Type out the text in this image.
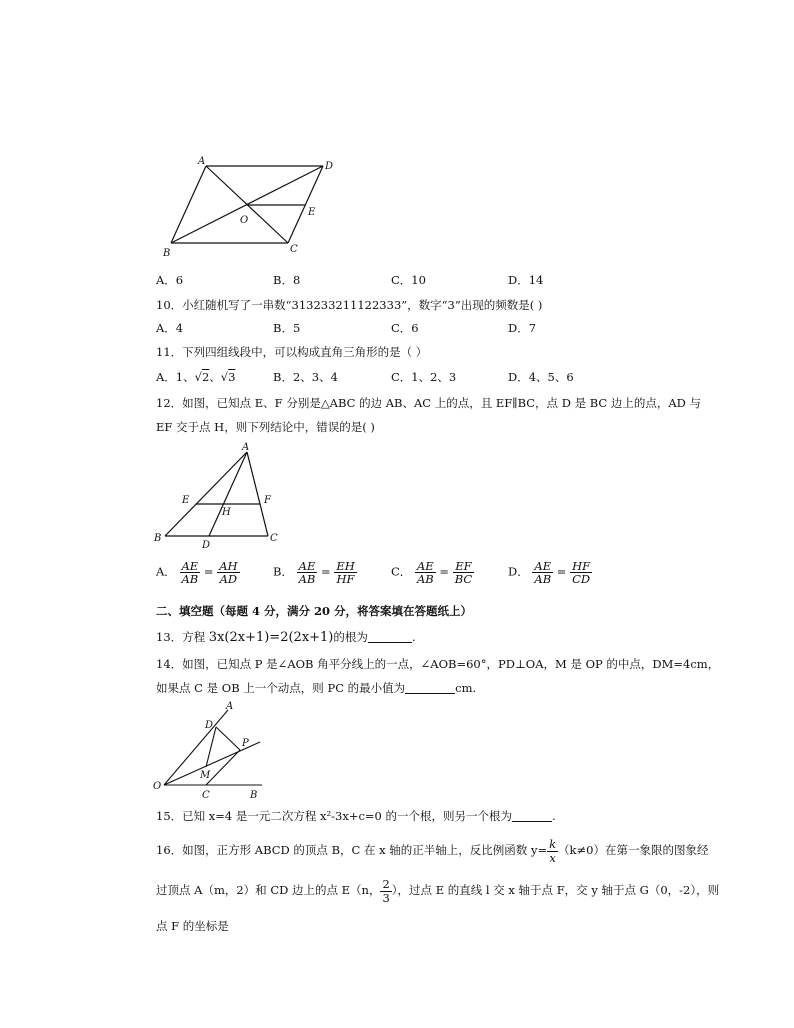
A	D
E
O
B	C
A．6	B．8	C．10	D．14
10．小红随机写了一串数“313233211122333”，数字“3”出现的频数是( )
A．4	B．5	C．6	D．7
11．下列四组线段中，可以构成直角三角形的是（ ）
A．1、√2、√3	B．2、3、4	C．1、2、3	D．4、5、6
12．如图，已知点 E、F 分别是△ABC 的边 AB、AC 上的点，且 EF∥BC，点 D 是 BC 边上的点，AD 与
EF 交于点 H，则下列结论中，错误的是( )
A
E	F
H
B
D
C
A． $\frac{AE}{AB} = \frac{AH}{AD}$	B． $\frac{AE}{AB} = \frac{EH}{HF}$	C． $\frac{AE}{AB} = \frac{EF}{BC}$	D． $\frac{AE}{AB} = \frac{HF}{CD}$
二、填空题（每题 4 分，满分 20 分，将答案填在答题纸上）
13．方程 3x(2x+1)=2(2x+1)的根为	.
14．如图，已知点 P 是∠AOB 角平分线上的一点，∠AOB=60°，PD⊥OA，M 是 OP 的中点，DM=4cm，
如果点 C 是 OB 上一个动点，则 PC 的最小值为	cm.
A
D
P
M
O
C	B
15．已知 x=4 是一元二次方程 x²-3x+c=0 的一个根，则另一个根为	.
16．如图，正方形 ABCD 的顶点 B，C 在 x 轴的正半轴上，反比例函数 $y= \frac{k}{x} (k\ne 0)$在第一象限的图象经
过顶点 A（m，2）和 CD 边上的点 E（n， $\frac{2}{3}$ ），过点 E 的直线 l 交 x 轴于点 F，交 y 轴于点 G（0，-2），则
点 F 的坐标是
